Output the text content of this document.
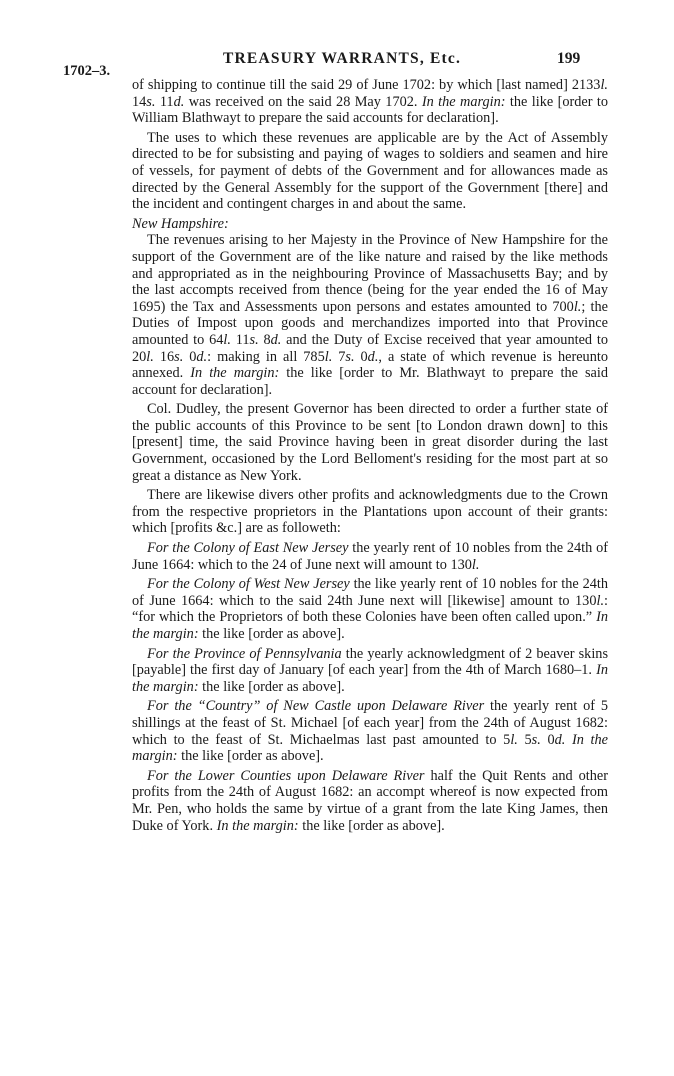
TREASURY WARRANTS, Etc.	199
1702–3.

of shipping to continue till the said 29 of June 1702: by which [last named] 2133l. 14s. 11d. was received on the said 28 May 1702. In the margin: the like [order to William Blathwayt to prepare the said accounts for declaration].

The uses to which these revenues are applicable are by the Act of Assembly directed to be for subsisting and paying of wages to soldiers and seamen and hire of vessels, for payment of debts of the Government and for allowances made as directed by the General Assembly for the support of the Government [there] and the incident and contingent charges in and about the same.

New Hampshire:

The revenues arising to her Majesty in the Province of New Hampshire for the support of the Government are of the like nature and raised by the like methods and appropriated as in the neighbouring Province of Massachusetts Bay; and by the last accompts received from thence (being for the year ended the 16 of May 1695) the Tax and Assessments upon persons and estates amounted to 700l.; the Duties of Impost upon goods and merchandizes imported into that Province amounted to 64l. 11s. 8d. and the Duty of Excise received that year amounted to 20l. 16s. 0d.: making in all 785l. 7s. 0d., a state of which revenue is hereunto annexed. In the margin: the like [order to Mr. Blathwayt to prepare the said account for declaration].

Col. Dudley, the present Governor has been directed to order a further state of the public accounts of this Province to be sent [to London drawn down] to this [present] time, the said Province having been in great disorder during the last Government, occasioned by the Lord Belloment's residing for the most part at so great a distance as New York.

There are likewise divers other profits and acknowledgments due to the Crown from the respective proprietors in the Plantations upon account of their grants: which [profits &c.] are as followeth:

For the Colony of East New Jersey the yearly rent of 10 nobles from the 24th of June 1664: which to the 24 of June next will amount to 130l.

For the Colony of West New Jersey the like yearly rent of 10 nobles for the 24th of June 1664: which to the said 24th June next will [likewise] amount to 130l.: “for which the Proprietors of both these Colonies have been often called upon.” In the margin: the like [order as above].

For the Province of Pennsylvania the yearly acknowledgment of 2 beaver skins [payable] the first day of January [of each year] from the 4th of March 1680–1. In the margin: the like [order as above].

For the “Country” of New Castle upon Delaware River the yearly rent of 5 shillings at the feast of St. Michael [of each year] from the 24th of August 1682: which to the feast of St. Michaelmas last past amounted to 5l. 5s. 0d. In the margin: the like [order as above].

For the Lower Counties upon Delaware River half the Quit Rents and other profits from the 24th of August 1682: an accompt whereof is now expected from Mr. Pen, who holds the same by virtue of a grant from the late King James, then Duke of York. In the margin: the like [order as above].
